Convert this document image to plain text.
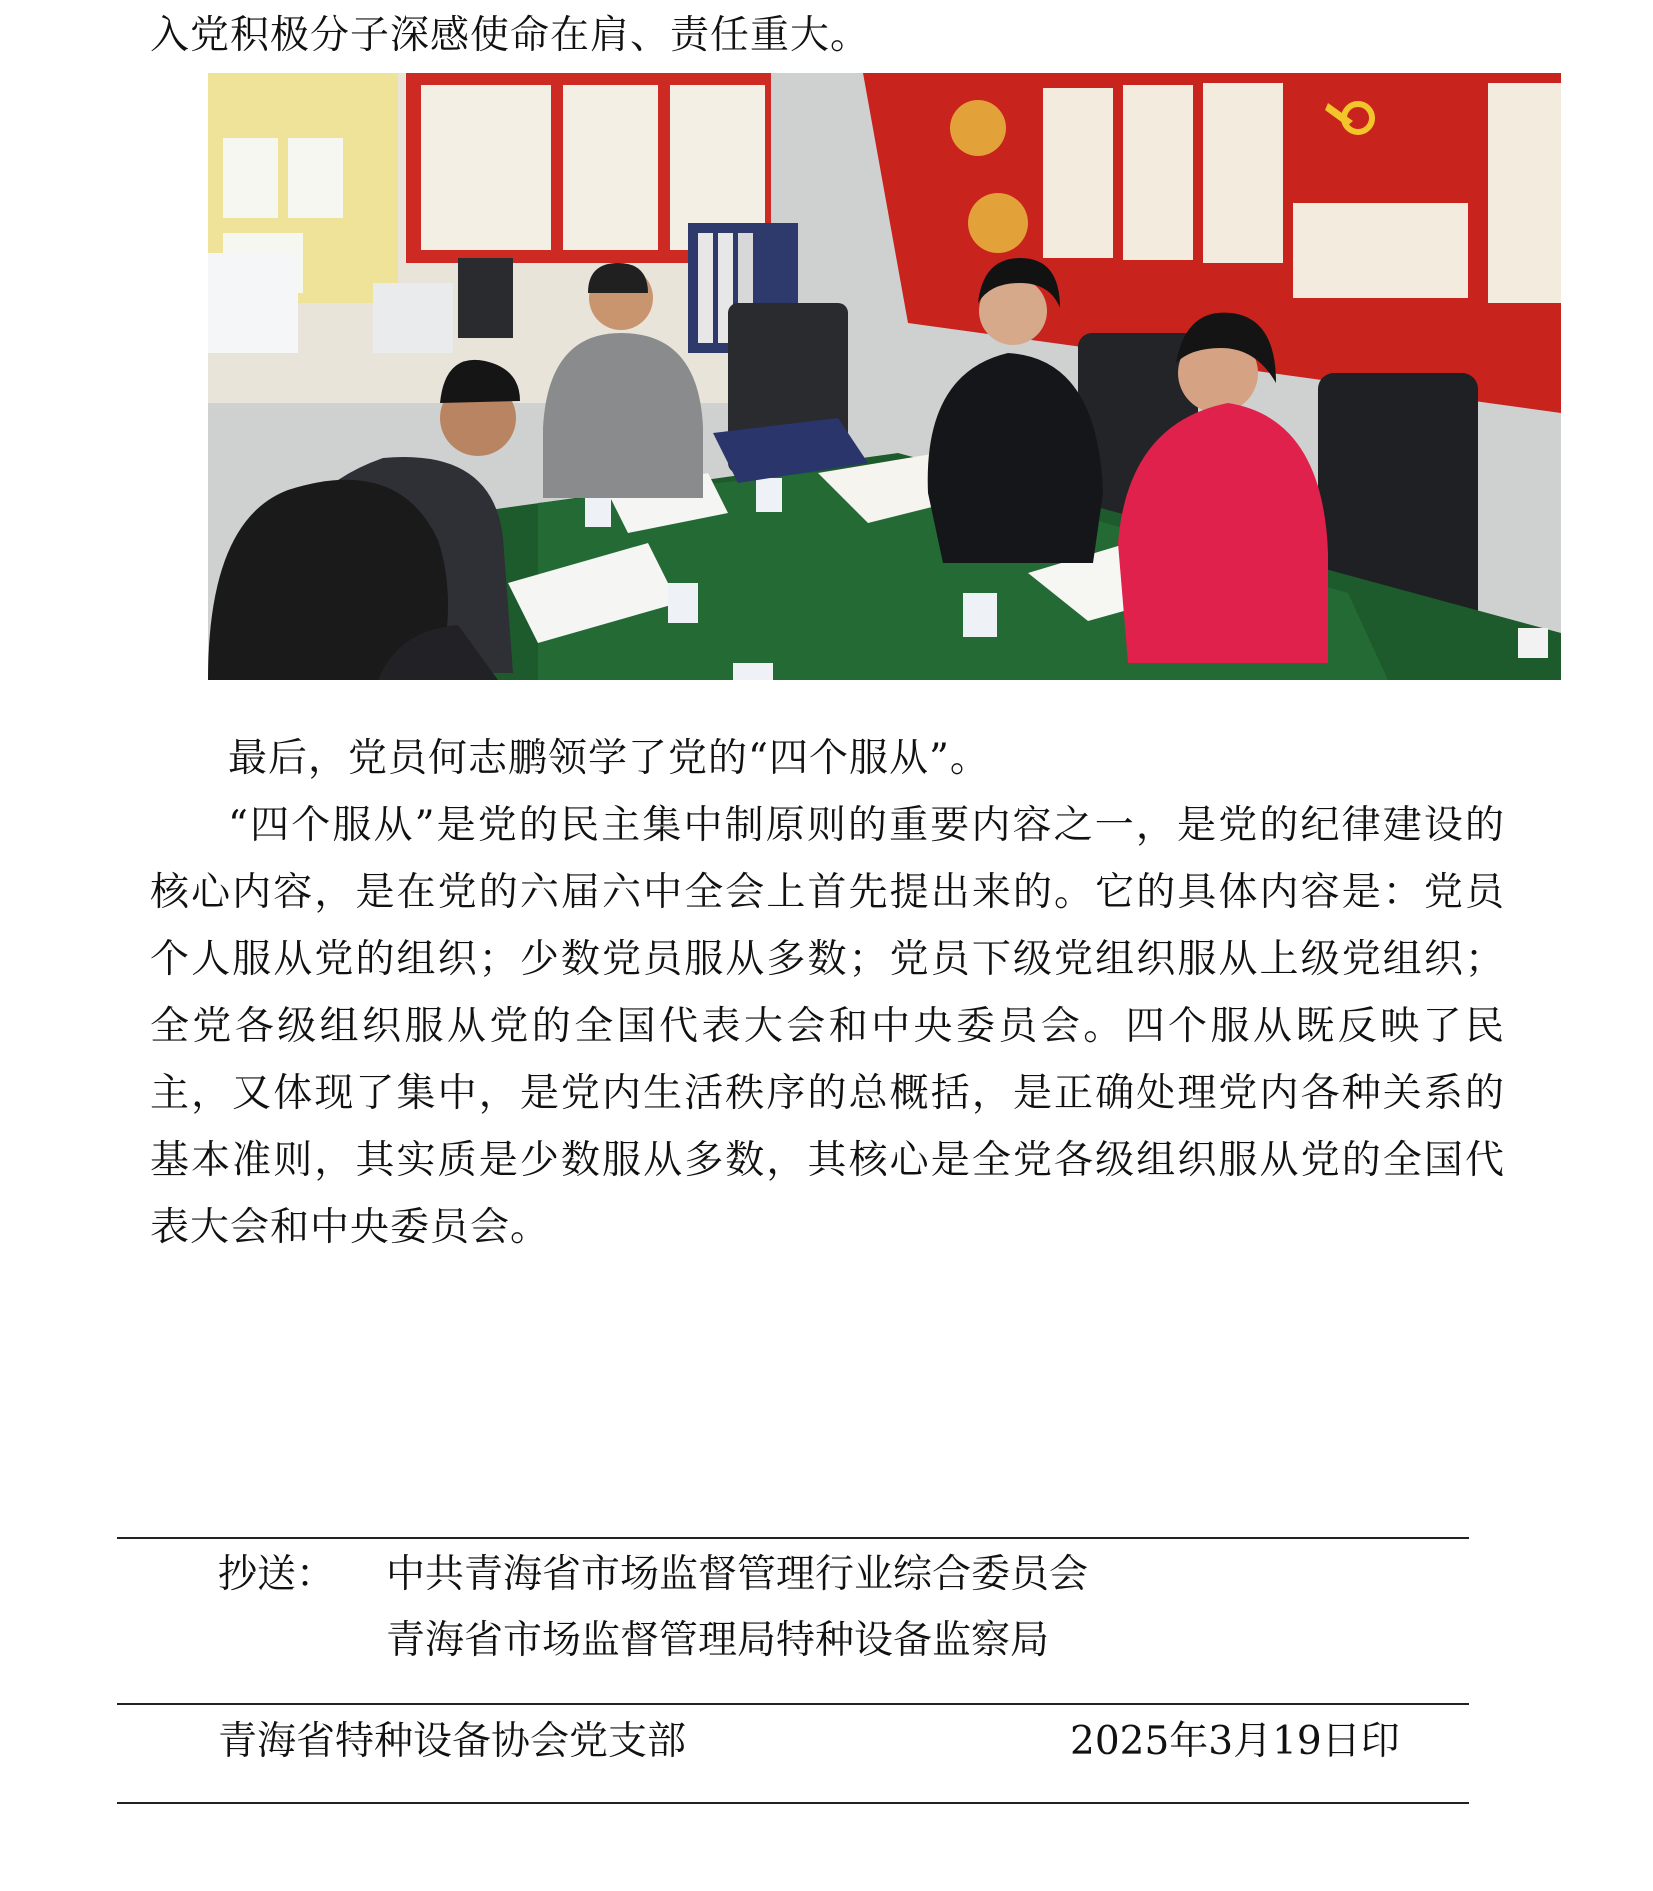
入党积极分子深感使命在肩、责任重大。

最后，党员何志鹏领学了党的“四个服从”。

“四个服从”是党的民主集中制原则的重要内容之一，是党的纪律建设的核心内容，是在党的六届六中全会上首先提出来的。它的具体内容是：党员个人服从党的组织；少数党员服从多数；党员下级党组织服从上级党组织；全党各级组织服从党的全国代表大会和中央委员会。四个服从既反映了民主，又体现了集中，是党内生活秩序的总概括，是正确处理党内各种关系的基本准则，其实质是少数服从多数，其核心是全党各级组织服从党的全国代表大会和中央委员会。

抄送： 中共青海省市场监督管理行业综合委员会
青海省市场监督管理局特种设备监察局
青海省特种设备协会党支部	2025年3月19日印
